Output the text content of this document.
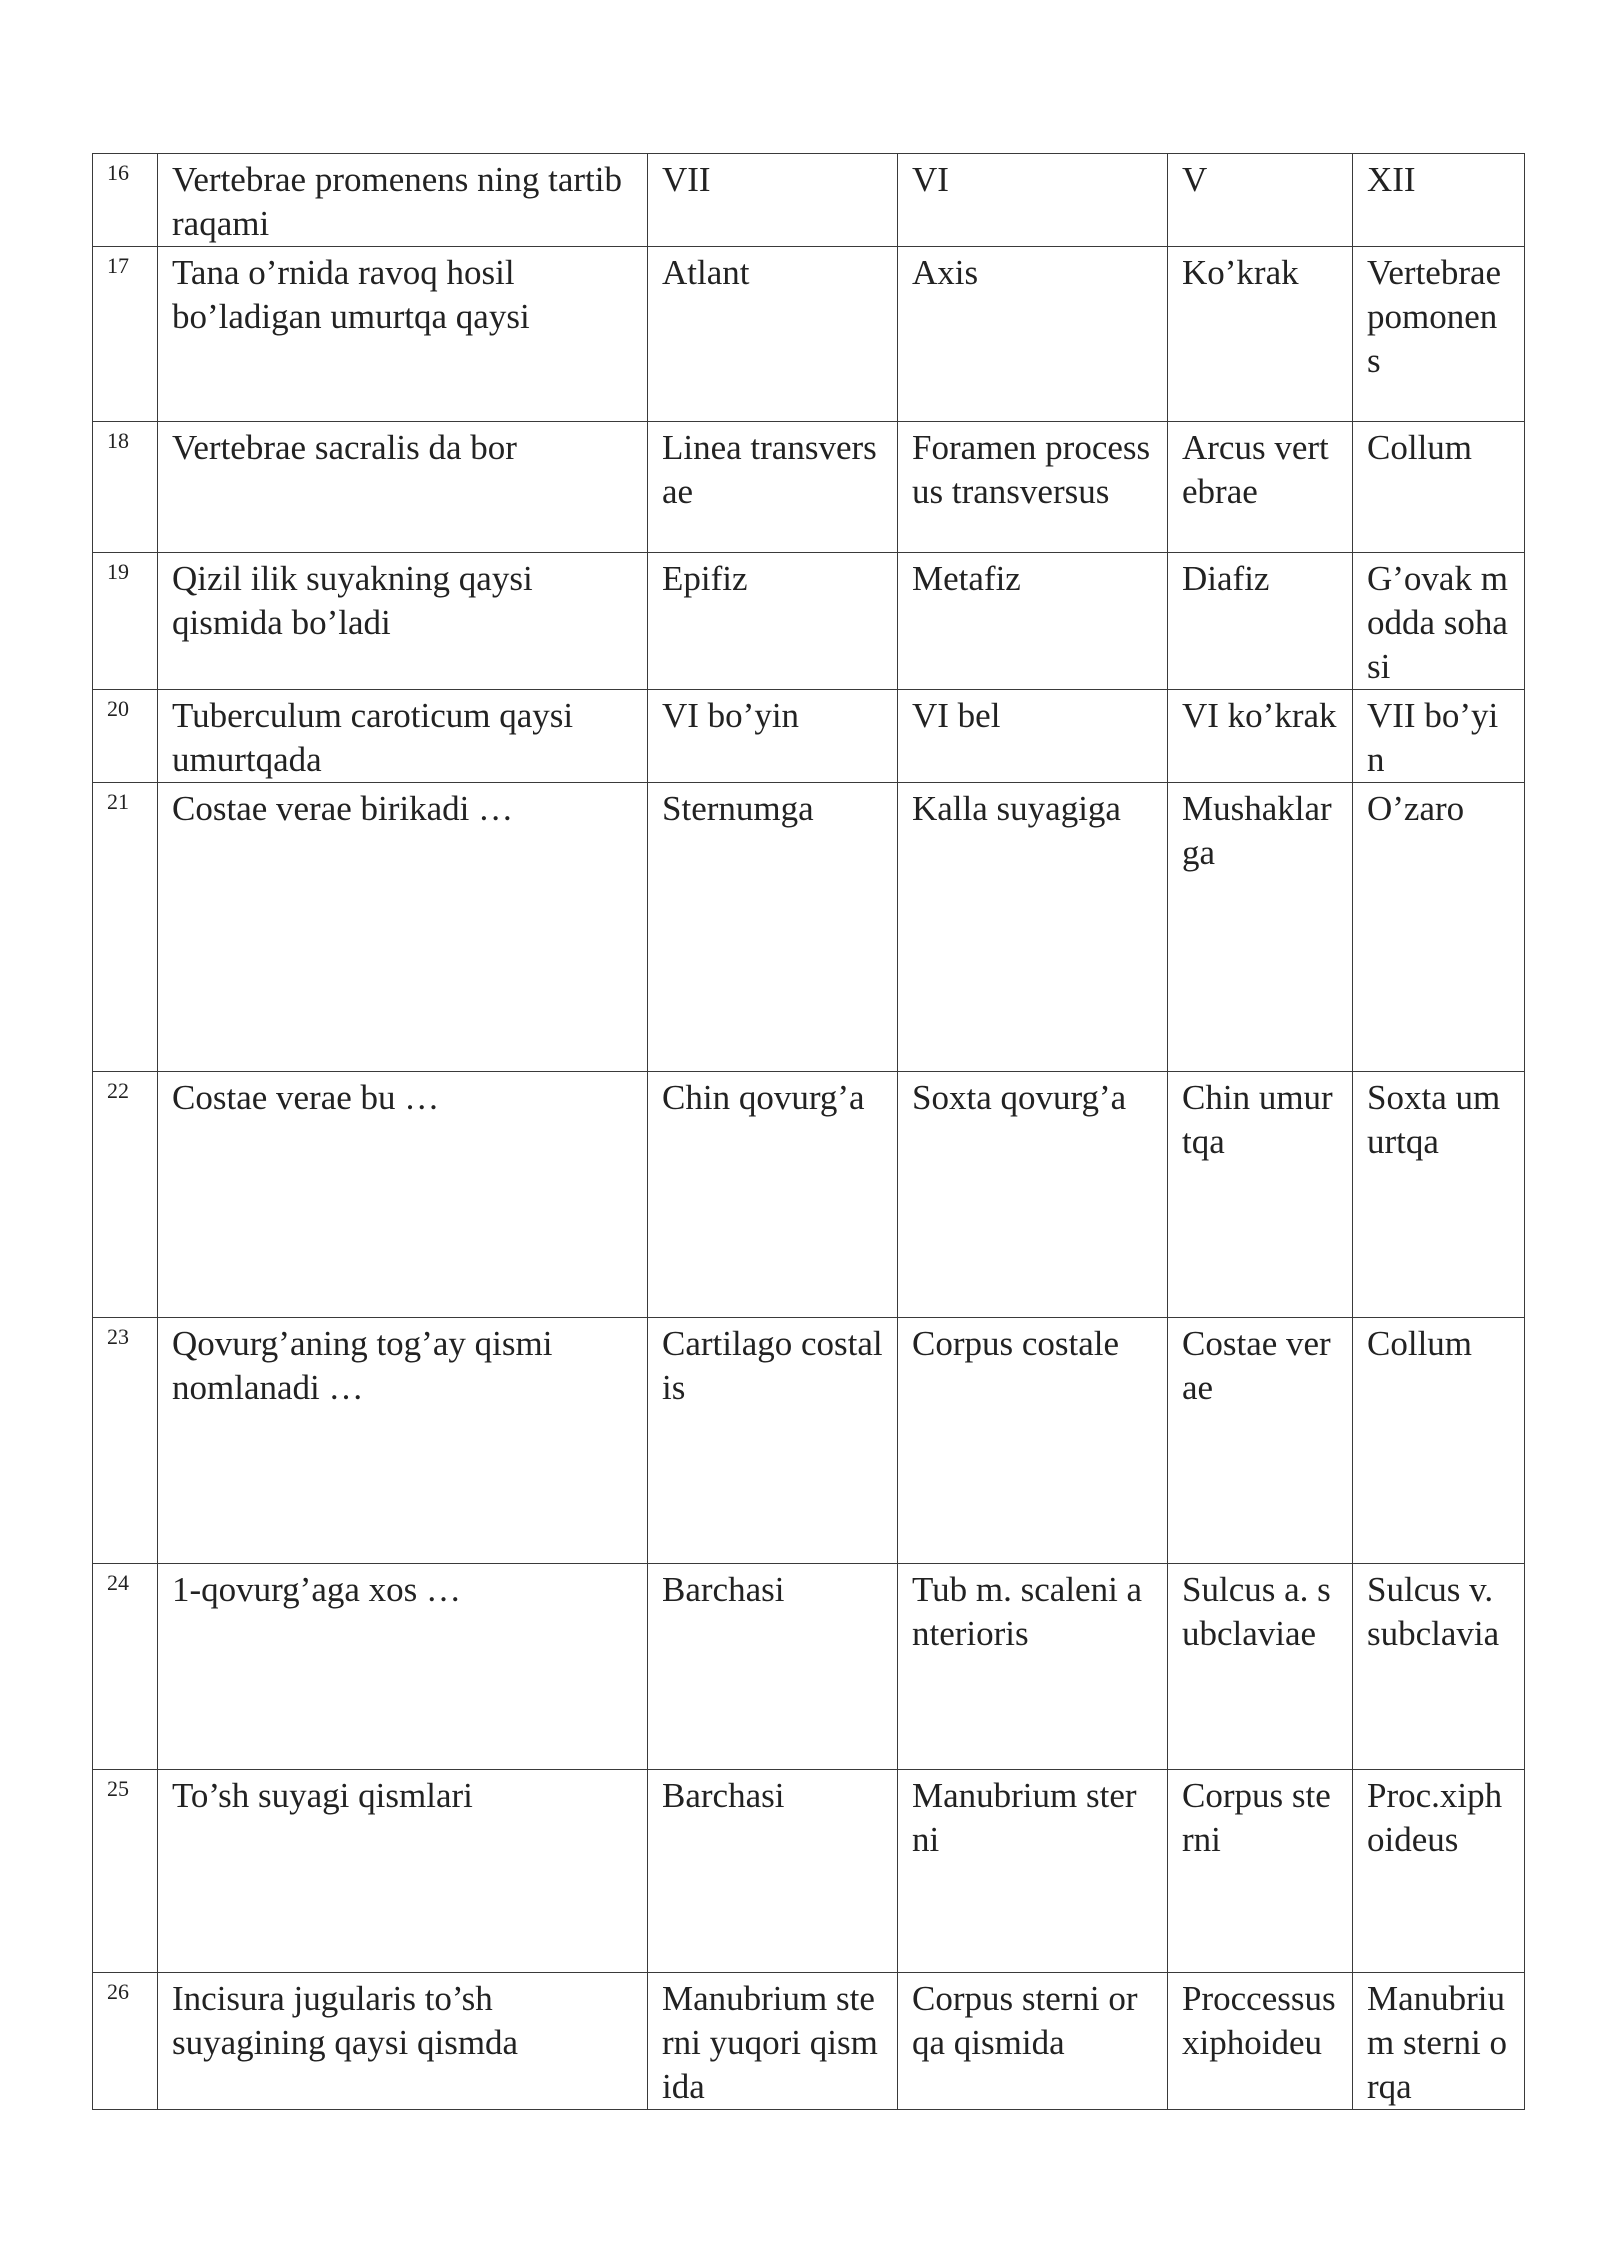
16	Vertebrae promenens ning tartib raqami	VII	VI	V	XII

17	Tana o’rnida ravoq hosil bo’ladigan umurtqa qaysi	Atlant	Axis	Ko’krak	Vertebrae pomonens

18	Vertebrae sacralis da bor	Linea transversae	Foramen processus transversus	Arcus vertebrae	Collum

19	Qizil ilik suyakning qaysi qismida bo’ladi	Epifiz	Metafiz	Diafiz	G’ovak modda sohasi

20	Tuberculum caroticum qaysi umurtqada	VI bo’yin	VI bel	VI ko’krak	VII bo’yin

21	Costae verae birikadi …	Sternumga	Kalla suyagiga	Mushaklarga	O’zaro

22	Costae verae bu …	Chin qovurg’a	Soxta qovurg’a	Chin umurtqa	Soxta umurtqa

23	Qovurg’aning tog’ay qismi nomlanadi …	Cartilago costalis	Corpus costale	Costae verae	Collum

24	1-qovurg’aga xos …	Barchasi	Tub m. scaleni anterioris	Sulcus a. subclaviae	Sulcus v. subclavia

25	To’sh suyagi qismlari	Barchasi	Manubrium sterni	Corpus sterni	Proc.xiphoideus

26	Incisura jugularis to’sh suyagining qaysi qismda	Manubrium sterni yuqori qismida	Corpus sterni orqa qismida	Proccessus xiphoideu	Manubrium sterni orqa
